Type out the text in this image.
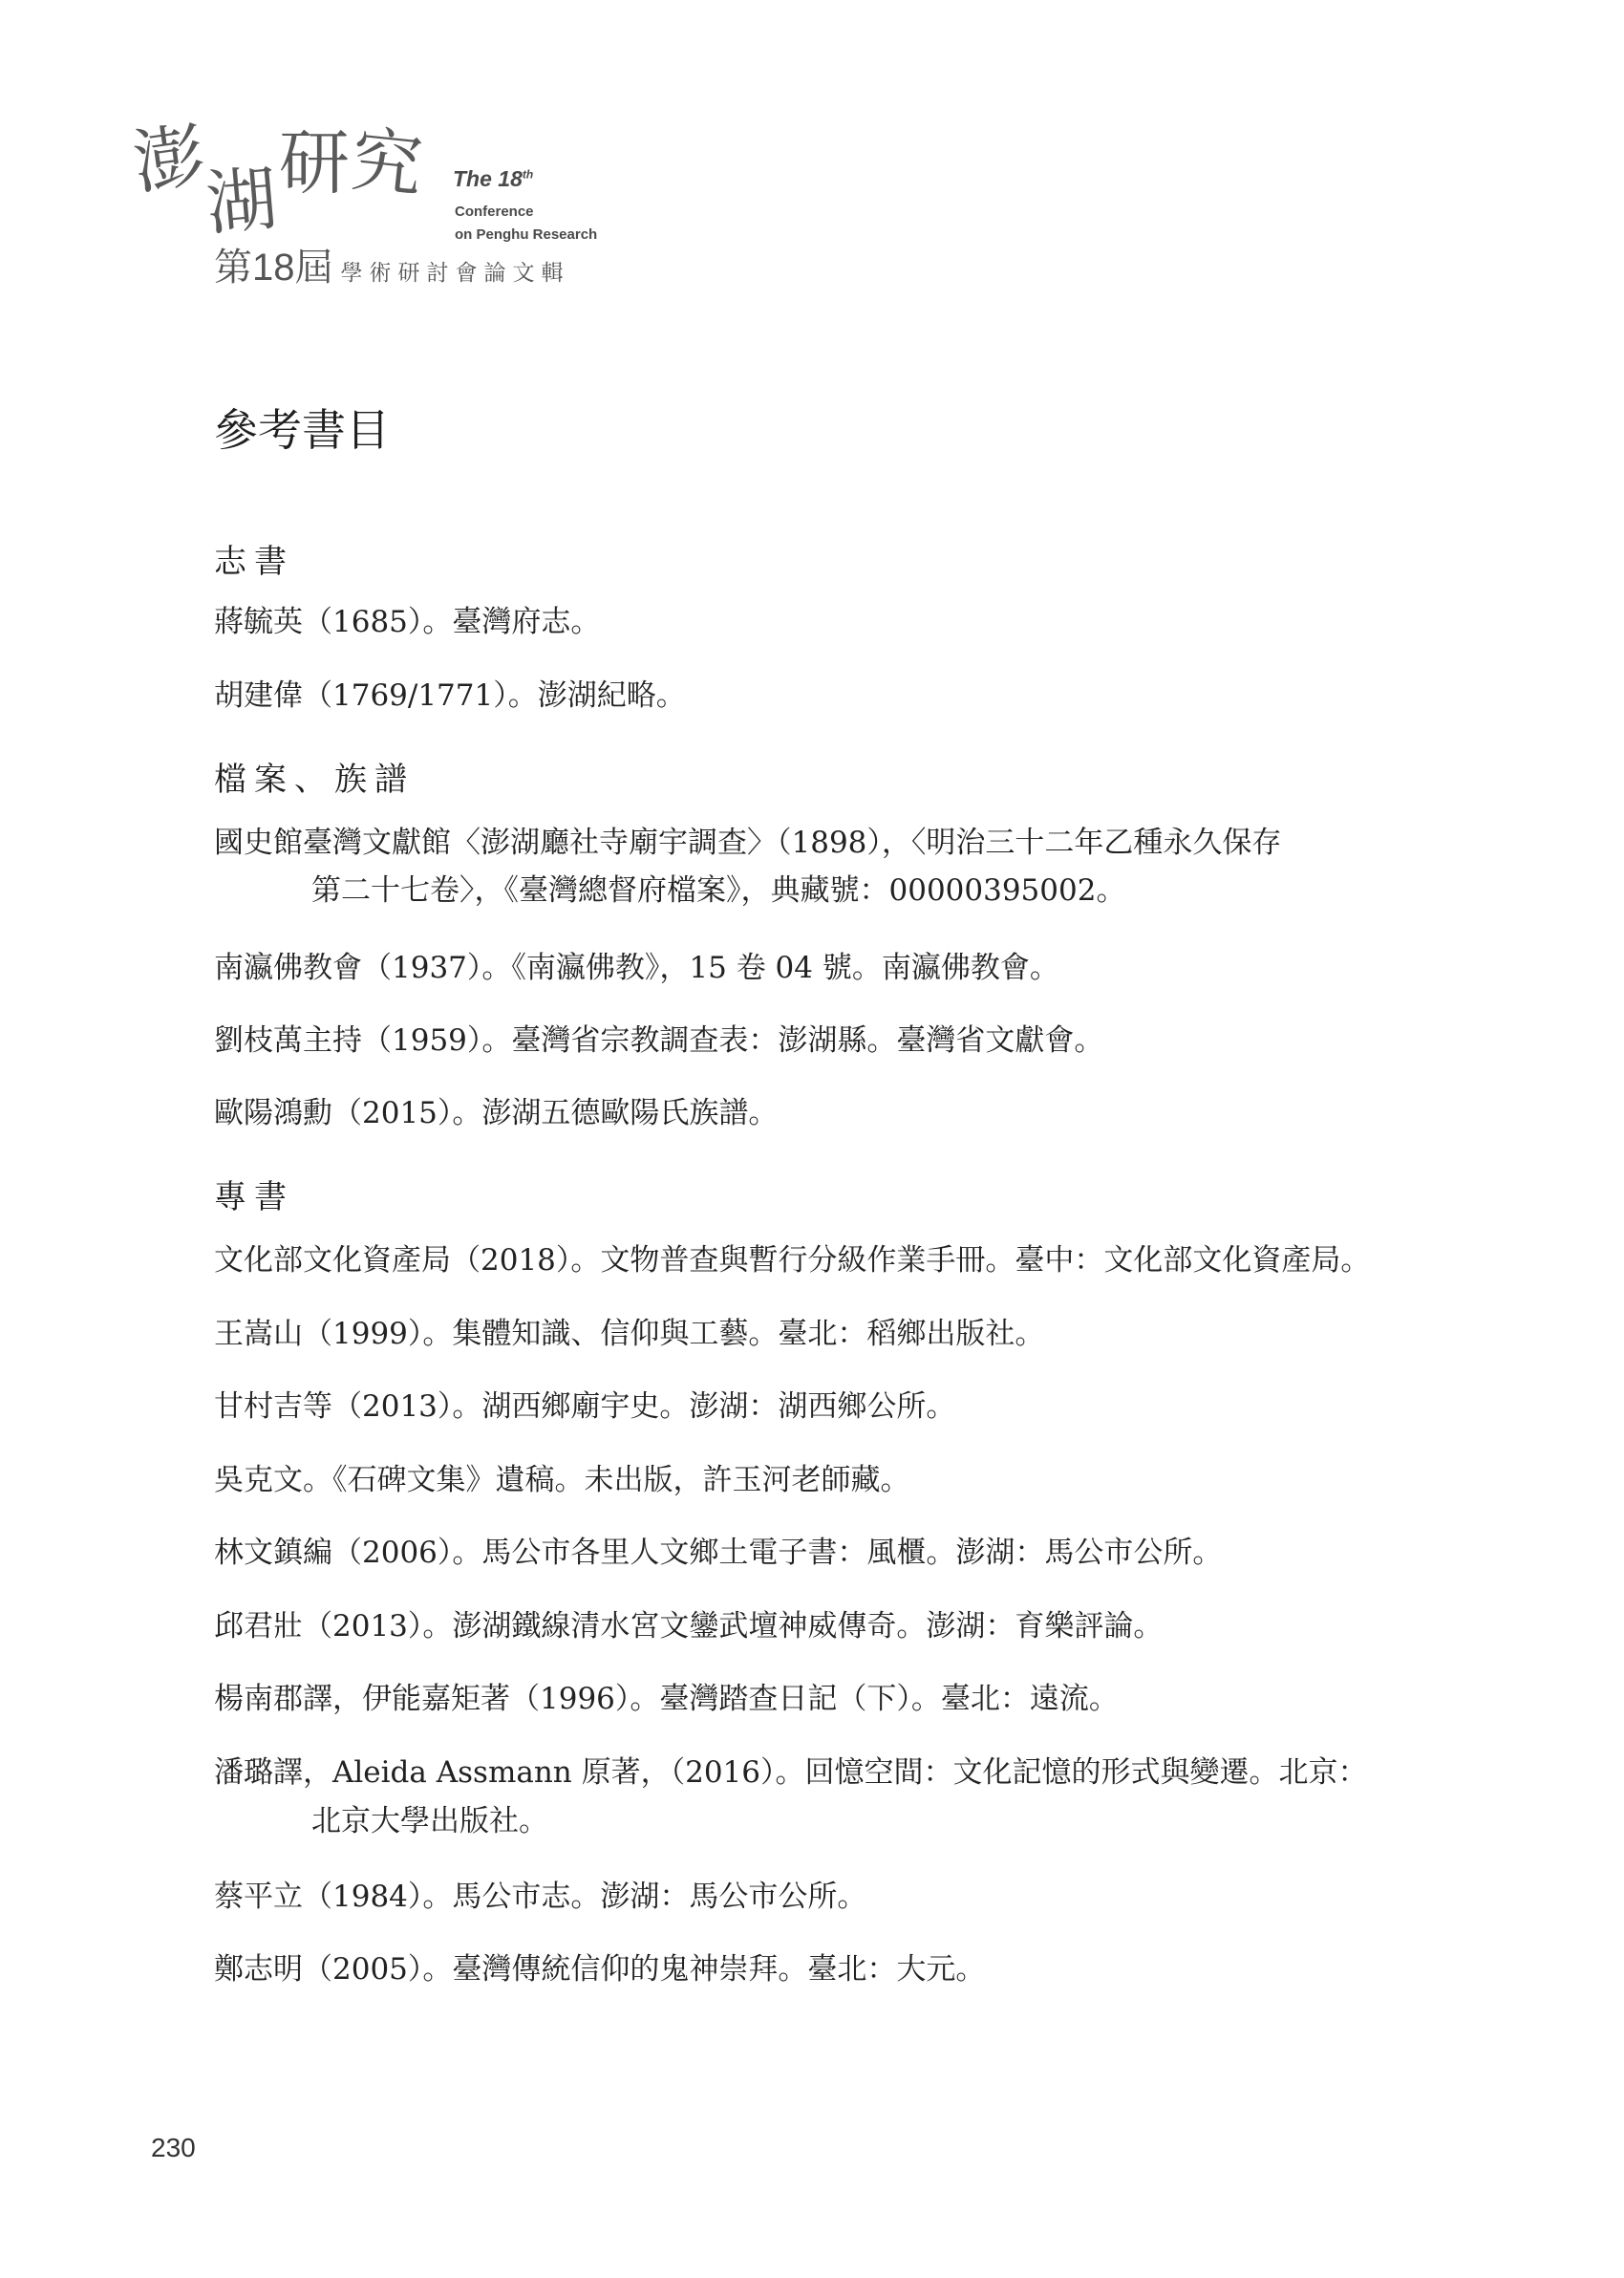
澎湖研究 The 18th
Conference
on Penghu Research
第18屆 學術研討會論文輯
參考書目
志書
蔣毓英（1685）。臺灣府志。
胡建偉（1769/1771）。澎湖紀略。
檔案、族譜
國史館臺灣文獻館〈澎湖廳社寺廟宇調查〉（1898），〈明治三十二年乙種永久保存
第二十七卷〉，《臺灣總督府檔案》，典藏號：00000395002。
南瀛佛教會（1937）。《南瀛佛教》，15 卷 04 號。南瀛佛教會。
劉枝萬主持（1959）。臺灣省宗教調查表：澎湖縣。臺灣省文獻會。
歐陽鴻勳（2015）。澎湖五德歐陽氏族譜。
專書
文化部文化資產局（2018）。文物普查與暫行分級作業手冊。臺中：文化部文化資產局。
王嵩山（1999）。集體知識、信仰與工藝。臺北：稻鄉出版社。
甘村吉等（2013）。湖西鄉廟宇史。澎湖：湖西鄉公所。
吳克文。《石碑文集》遺稿。未出版，許玉河老師藏。
林文鎮編（2006）。馬公市各里人文鄉土電子書：風櫃。澎湖：馬公市公所。
邱君壯（2013）。澎湖鐵線清水宮文鑾武壇神威傳奇。澎湖：育樂評論。
楊南郡譯，伊能嘉矩著（1996）。臺灣踏查日記（下）。臺北：遠流。
潘璐譯，Aleida Assmann 原著，（2016）。回憶空間：文化記憶的形式與變遷。北京：
北京大學出版社。
蔡平立（1984）。馬公市志。澎湖：馬公市公所。
鄭志明（2005）。臺灣傳統信仰的鬼神崇拜。臺北：大元。
230
